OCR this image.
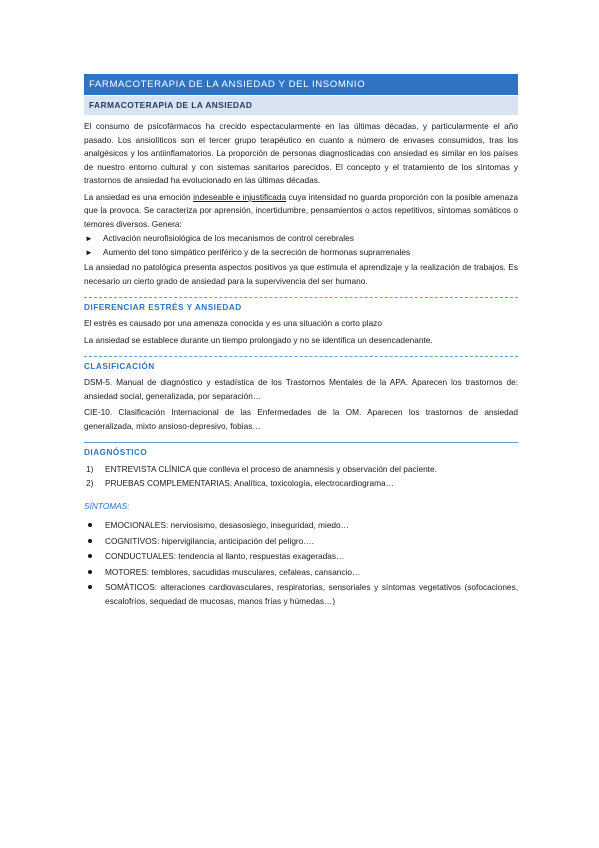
FARMACOTERAPIA DE LA ANSIEDAD Y DEL INSOMNIO
FARMACOTERAPIA DE LA ANSIEDAD

El consumo de psicofármacos ha crecido espectacularmente en las últimas décadas, y particularmente el año pasado. Los ansiolíticos son el tercer grupo terapéutico en cuanto a número de envases consumidos, tras los analgésicos y los antiinflamatorios. La proporción de personas diagnosticadas con ansiedad es similar en los países de nuestro entorno cultural y con sistemas sanitarios parecidos. El concepto y el tratamiento de los síntomas y trastornos de ansiedad ha evolucionado en las últimas décadas.

La ansiedad es una emoción indeseable e injustificada cuya intensidad no guarda proporción con la posible amenaza que la provoca. Se caracteriza por aprensión, incertidumbre, pensamientos o actos repetitivos, síntomas somáticos o temores diversos. Genera:

► Activación neurofisiológica de los mecanismos de control cerebrales
► Aumento del tono simpático periférico y de la secreción de hormonas suprarrenales

La ansiedad no patológica presenta aspectos positivos ya que estimula el aprendizaje y la realización de trabajos. Es necesario un cierto grado de ansiedad para la supervivencia del ser humano.

DIFERENCIAR ESTRÉS Y ANSIEDAD

El estrés es causado por una amenaza conocida y es una situación a corto plazo

La ansiedad se establece durante un tiempo prolongado y no se identifica un desencadenante.

CLASIFICACIÓN

DSM-5. Manual de diagnóstico y estadística de los Trastornos Mentales de la APA. Aparecen los trastornos de: ansiedad social, generalizada, por separación…

CIE-10. Clasificación Internacional de las Enfermedades de la OM. Aparecen los trastornos de ansiedad generalizada, mixto ansioso-depresivo, fobias…

DIAGNÓSTICO
1) ENTREVISTA CLÍNICA que conlleva el proceso de anamnesis y observación del paciente.
2) PRUEBAS COMPLEMENTARIAS: Analítica, toxicología, electrocardiograma…
SÍNTOMAS:
EMOCIONALES: nerviosismo, desasosiego, inseguridad, miedo…
COGNITIVOS: hipervigilancia, anticipación del peligro….
CONDUCTUALES: tendencia al llanto, respuestas exageradas…
MOTORES: temblores, sacudidas musculares, cefaleas, cansancio…
SOMÁTICOS: alteraciones cardiovasculares, respiratorias, sensoriales y síntomas vegetativos (sofocaciones, escalofríos, sequedad de mucosas, manos frías y húmedas…)
